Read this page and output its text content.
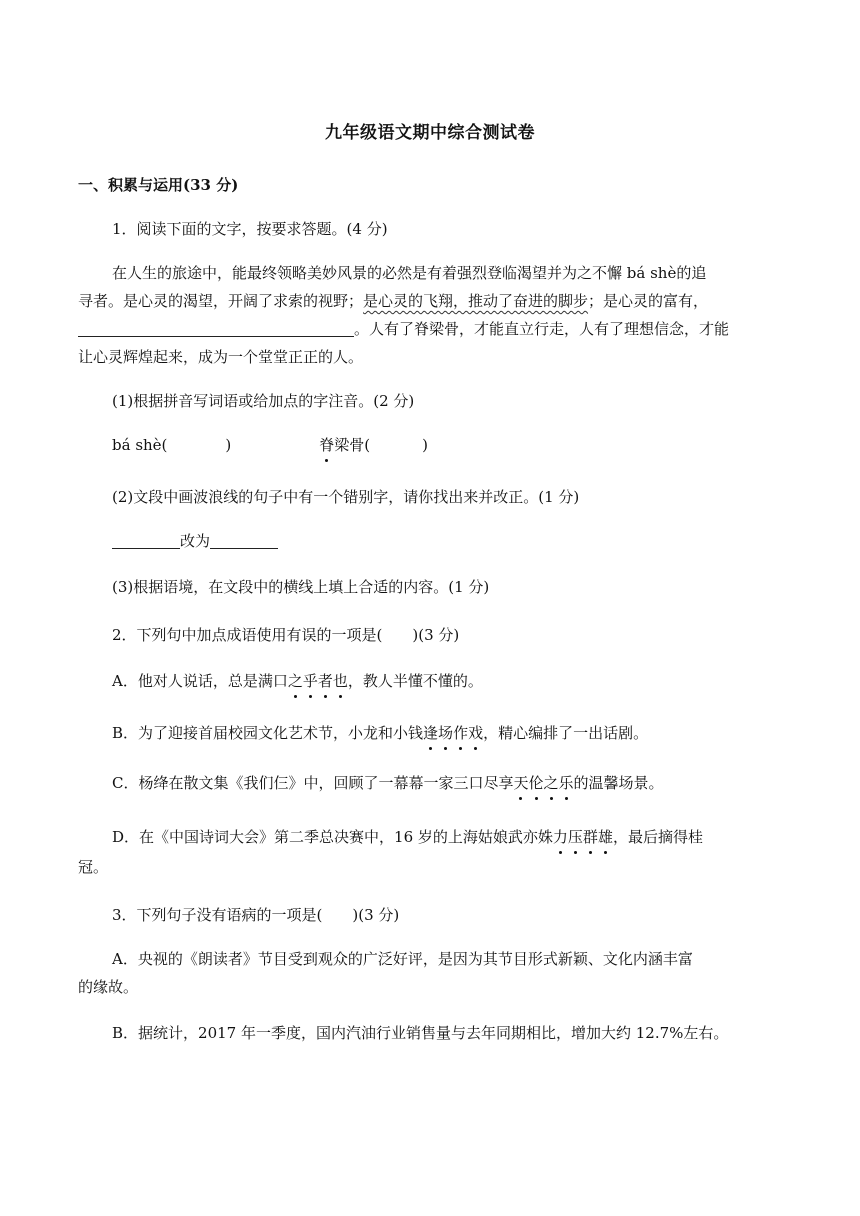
九年级语文期中综合测试卷
一、积累与运用(33 分)
1．阅读下面的文字，按要求答题。(4 分)
在人生的旅途中，能最终领略美妙风景的必然是有着强烈登临渴望并为之不懈 bá shè的追
寻者。是心灵的渴望，开阔了求索的视野；是心灵的飞翔，推动了奋进的脚步；是心灵的富有，
。人有了脊梁骨，才能直立行走，人有了理想信念，才能
让心灵辉煌起来，成为一个堂堂正正的人。
(1)根据拼音写词语或给加点的字注音。(2 分)
bá shè(	)	脊梁骨(	)
(2)文段中画波浪线的句子中有一个错别字，请你找出来并改正。(1 分)
改为
(3)根据语境，在文段中的横线上填上合适的内容。(1 分)
2．下列句中加点成语使用有误的一项是(　　)(3 分)
A．他对人说话，总是满口之乎者也，教人半懂不懂的。
B．为了迎接首届校园文化艺术节，小龙和小钱逢场作戏，精心编排了一出话剧。
C．杨绛在散文集《我们仨》中，回顾了一幕幕一家三口尽享天伦之乐的温馨场景。
D．在《中国诗词大会》第二季总决赛中，16 岁的上海姑娘武亦姝力压群雄，最后摘得桂
冠。
3．下列句子没有语病的一项是(　　)(3 分)
A．央视的《朗读者》节目受到观众的广泛好评，是因为其节目形式新颖、文化内涵丰富
的缘故。
B．据统计，2017 年一季度，国内汽油行业销售量与去年同期相比，增加大约 12.7%左右。
